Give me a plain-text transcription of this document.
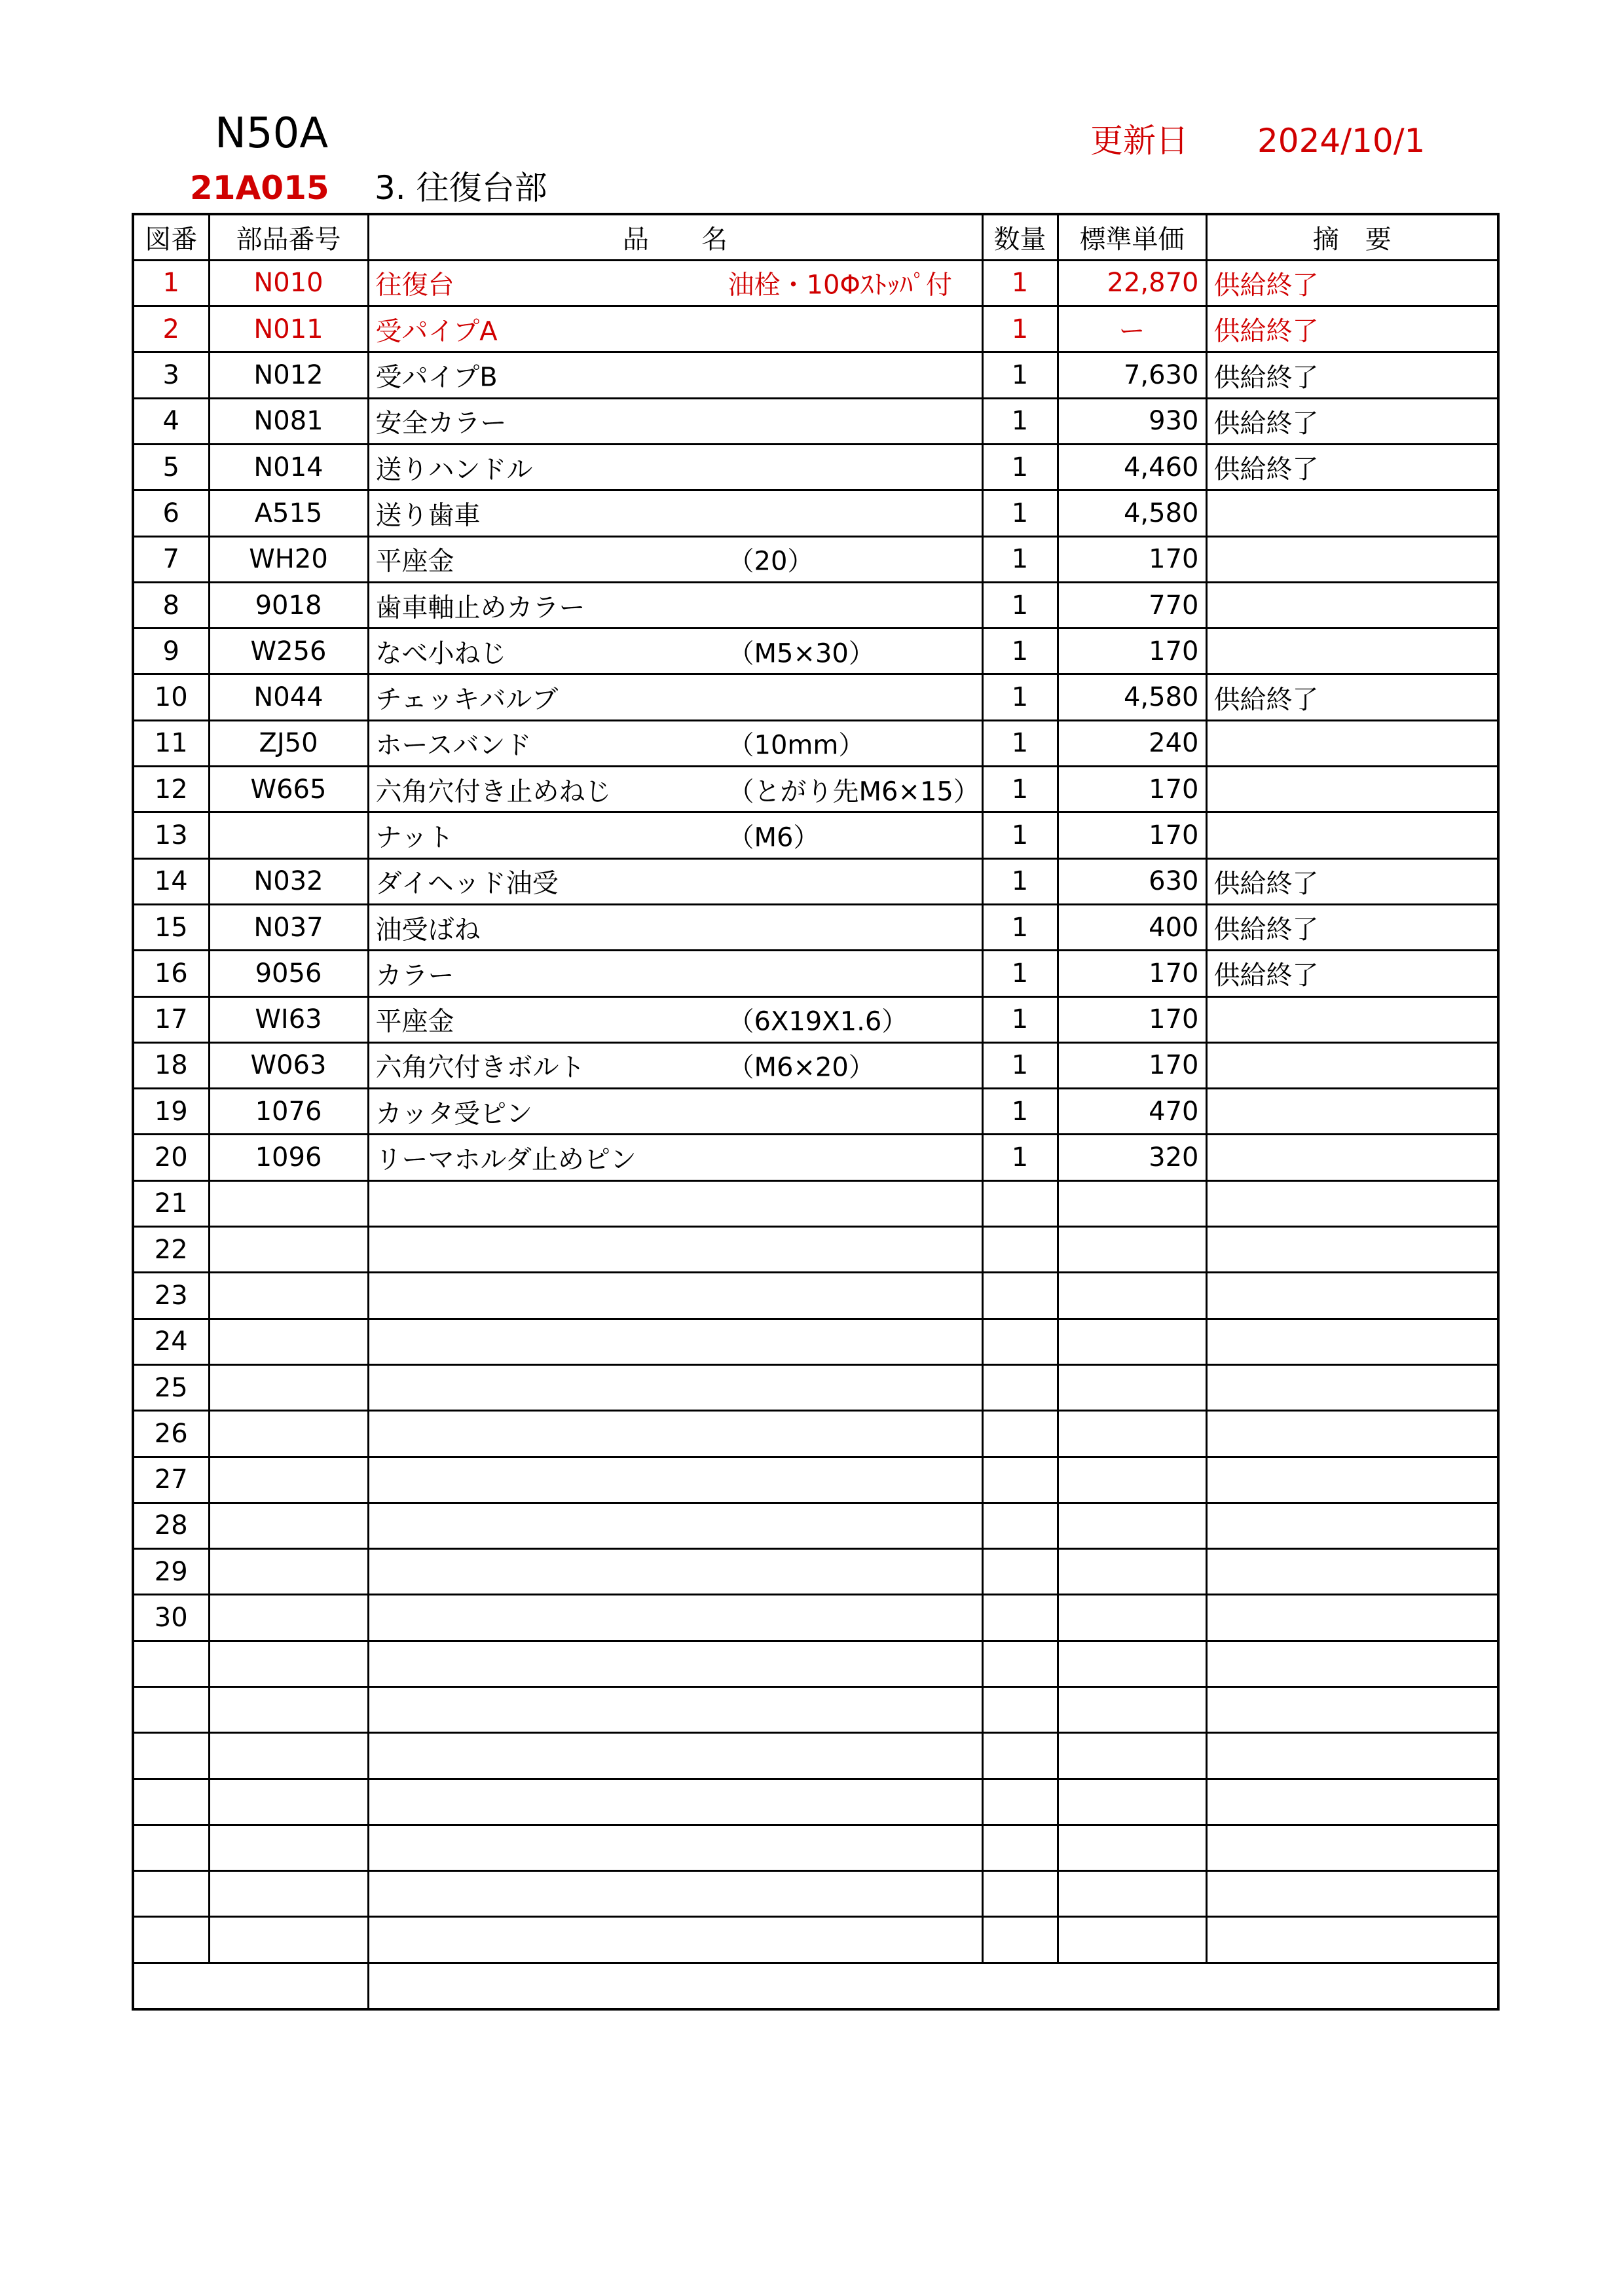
N50A
21A015 3. 往復台部
更新日 2024/10/1
図番	部品番号	品　　名	数量	標準単価	摘　要
1	N010	往復台 油栓・10Φｽﾄｯﾊﾟ付	1	22,870	供給終了
2	N011	受パイプA	1	ー	供給終了
3	N012	受パイプB	1	7,630	供給終了
4	N081	安全カラー	1	930	供給終了
5	N014	送りハンドル	1	4,460	供給終了
6	A515	送り歯車	1	4,580	
7	WH20	平座金 （20）	1	170	
8	9018	歯車軸止めカラー	1	770	
9	W256	なべ小ねじ （M5×30）	1	170	
10	N044	チェッキバルブ	1	4,580	供給終了
11	ZJ50	ホースバンド （10mm）	1	240	
12	W665	六角穴付き止めねじ （とがり先M6×15）	1	170	
13		ナット （M6）	1	170	
14	N032	ダイヘッド油受	1	630	供給終了
15	N037	油受ばね	1	400	供給終了
16	9056	カラー	1	170	供給終了
17	WI63	平座金 （6X19X1.6）	1	170	
18	W063	六角穴付きボルト （M6×20）	1	170	
19	1076	カッタ受ピン	1	470	
20	1096	リーマホルダ止めピン	1	320	
21		

22		

23		

24		

25		

26		

27		

28		

29		

30		
